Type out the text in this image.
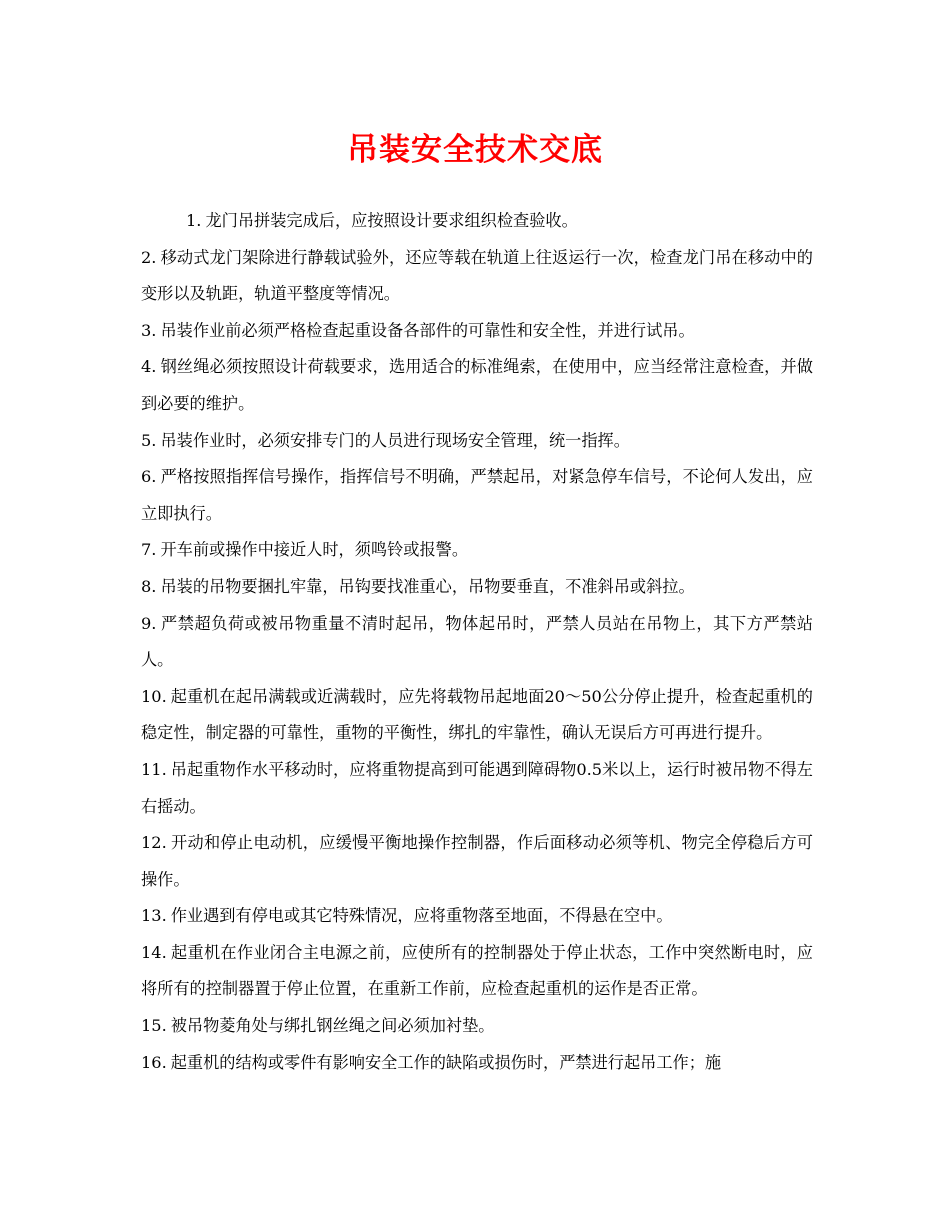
吊装安全技术交底

1. 龙门吊拼装完成后，应按照设计要求组织检查验收。

2. 移动式龙门架除进行静载试验外，还应等载在轨道上往返运行一次，检查龙门吊在移动中的变形以及轨距，轨道平整度等情况。

3. 吊装作业前必须严格检查起重设备各部件的可靠性和安全性，并进行试吊。

4. 钢丝绳必须按照设计荷载要求，选用适合的标准绳索，在使用中，应当经常注意检查，并做到必要的维护。

5. 吊装作业时，必须安排专门的人员进行现场安全管理，统一指挥。

6. 严格按照指挥信号操作，指挥信号不明确，严禁起吊，对紧急停车信号，不论何人发出，应立即执行。

7. 开车前或操作中接近人时，须鸣铃或报警。

8. 吊装的吊物要捆扎牢靠，吊钩要找准重心，吊物要垂直，不准斜吊或斜拉。

9. 严禁超负荷或被吊物重量不清时起吊，物体起吊时，严禁人员站在吊物上，其下方严禁站人。

10. 起重机在起吊满载或近满载时，应先将载物吊起地面20～50公分停止提升，检查起重机的稳定性，制定器的可靠性，重物的平衡性，绑扎的牢靠性，确认无误后方可再进行提升。

11. 吊起重物作水平移动时，应将重物提高到可能遇到障碍物0.5米以上，运行时被吊物不得左右摇动。

12. 开动和停止电动机，应缓慢平衡地操作控制器，作后面移动必须等机、物完全停稳后方可操作。

13. 作业遇到有停电或其它特殊情况，应将重物落至地面，不得悬在空中。

14. 起重机在作业闭合主电源之前，应使所有的控制器处于停止状态，工作中突然断电时，应将所有的控制器置于停止位置，在重新工作前，应检查起重机的运作是否正常。

15. 被吊物菱角处与绑扎钢丝绳之间必须加衬垫。

16. 起重机的结构或零件有影响安全工作的缺陷或损伤时，严禁进行起吊工作；施
